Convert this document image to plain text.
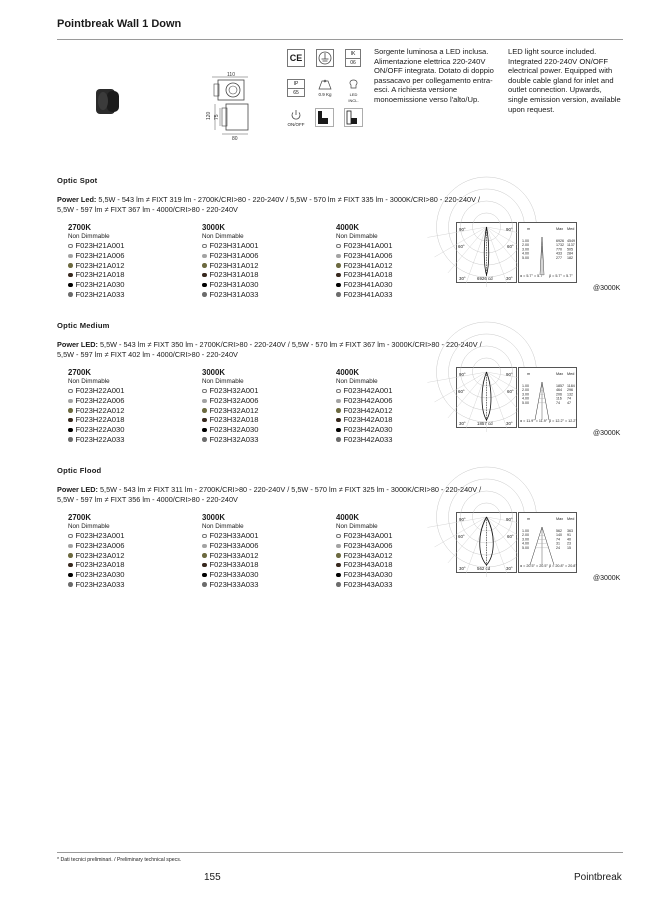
Pointbreak Wall 1 Down
110
120 75
80
CE	IK
06
IP
65	0.9 Kg	LED INCL.
ON/OFF
Sorgente luminosa a LED inclusa. Alimentazione elettrica 220-240V ON/OFF integrata. Dotato di doppio passacavo per collegamento entra-esci. A richiesta versione monoemissione verso l'alto/Up.
LED light source included. Integrated 220-240V ON/OFF electrical power. Equipped with double cable gland for inlet and outlet connection. Upwards, single emission version, available upon request.
Optic Spot
Power Led: 5,5W - 543 lm ≠ FIXT 319 lm - 2700K/CRI>80 - 220-240V / 5,5W - 570 lm ≠ FIXT 335 lm - 3000K/CRI>80 - 220-240V /
5,5W - 597 lm ≠ FIXT 367 lm - 4000/CRI>80 - 220-240V
2700K
Non Dimmable
F023H21A001
F023H21A006
F023H21A012
F023H21A018
F023H21A030
F023H21A033
3000K
Non Dimmable
F023H31A001
F023H31A006
F023H31A012
F023H31A018
F023H31A030
F023H31A033
4000K
Non Dimmable
F023H41A001
F023H41A006
F023H41A012
F023H41A018
F023H41A030
F023H41A033
90°	90°
60°	60°
30°	30°
6926 cd
m	Max Med
1.00	6926 4549
2.00	1732 1137
3.00	770 505
4.00	433 284
5.00	277 182
α = 5.7° = 5.7° β = 5.7° = 5.7°
@3000K
Optic Medium
Power LED: 5,5W - 543 lm ≠ FIXT 350 lm - 2700K/CRI>80 - 220-240V / 5,5W - 570 lm ≠ FIXT 367 lm - 3000K/CRI>80 - 220-240V /
5,5W - 597 lm ≠ FIXT 402 lm - 4000/CRI>80 - 220-240V
2700K
Non Dimmable
F023H22A001
F023H22A006
F023H22A012
F023H22A018
F023H22A030
F023H22A033
3000K
Non Dimmable
F023H32A001
F023H32A006
F023H32A012
F023H32A018
F023H32A030
F023H32A033
4000K
Non Dimmable
F023H42A001
F023H42A006
F023H42A012
F023H42A018
F023H42A030
F023H42A033
90°	90°
60°	60°
30°	30°
1857 cd
m	Max Med
1.00	1857 1184
2.00	464 296
3.00	206 132
4.00	116 74
5.00	74 47
α = 11.9° = 11.9° β = 12.2° = 12.2°
@3000K
Optic Flood
Power LED: 5,5W - 543 lm ≠ FIXT 311 lm - 2700K/CRI>80 - 220-240V / 5,5W - 570 lm ≠ FIXT 325 lm - 3000K/CRI>80 - 220-240V /
5,5W - 597 lm ≠ FIXT 356 lm - 4000/CRI>80 - 220-240V
2700K
Non Dimmable
F023H23A001
F023H23A006
F023H23A012
F023H23A018
F023H23A030
F023H23A033
3000K
Non Dimmable
F023H33A001
F023H33A006
F023H33A012
F023H33A018
F023H33A030
F023H33A033
4000K
Non Dimmable
F023H43A001
F023H43A006
F023H43A012
F023H43A018
F023H43A030
F023H43A033
90°	90°
60°	60°
30°	30°
562 cd
m	Max Med
1.00	562 363
2.00	140 91
3.00	74 40
4.00	31 23
5.00	24 15
α = 20.5° = 20.5° β = 20.8° = 20.8°
@3000K
* Dati tecnici preliminari. / Preliminary technical specs.
155	Pointbreak
